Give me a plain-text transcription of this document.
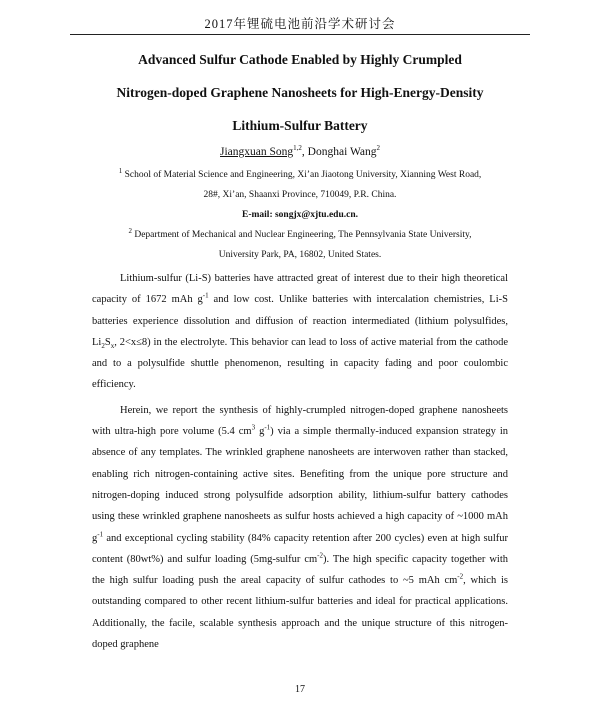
2017年锂硫电池前沿学术研讨会
Advanced Sulfur Cathode Enabled by Highly Crumpled
Nitrogen-doped Graphene Nanosheets for High-Energy-Density
Lithium-Sulfur Battery
Jiangxuan Song$^{1,2}$, Donghai Wang$^2$
$^1$ School of Material Science and Engineering, Xi’an Jiaotong University, Xianning West Road,
28#, Xi’an, Shaanxi Province, 710049, P.R. China.
E-mail: songjx@xjtu.edu.cn.
$^2$ Department of Mechanical and Nuclear Engineering, The Pennsylvania State University,
University Park, PA, 16802, United States.

Lithium-sulfur (Li-S) batteries have attracted great of interest due to their high theoretical capacity of 1672 mAh $g^{-1}$ and low cost. Unlike batteries with intercalation chemistries, Li-S batteries experience dissolution and diffusion of reaction intermediated (lithium polysulfides, $Li_2S_x$, 2<x≤8) in the electrolyte. This behavior can lead to loss of active material from the cathode and to a polysulfide shuttle phenomenon, resulting in capacity fading and poor coulombic efficiency.

Herein, we report the synthesis of highly-crumpled nitrogen-doped graphene nanosheets with ultra-high pore volume (5.4 $cm^3$ $g^{-1}$) via a simple thermally-induced expansion strategy in absence of any templates. The wrinkled graphene nanosheets are interwoven rather than stacked, enabling rich nitrogen-containing active sites. Benefiting from the unique pore structure and nitrogen-doping induced strong polysulfide adsorption ability, lithium-sulfur battery cathodes using these wrinkled graphene nanosheets as sulfur hosts achieved a high capacity of ~1000 mAh $g^{-1}$ and exceptional cycling stability (84% capacity retention after 200 cycles) even at high sulfur content (80wt%) and sulfur loading (5mg-sulfur $cm^{-2}$). The high specific capacity together with the high sulfur loading push the areal capacity of sulfur cathodes to ~5 mAh $cm^{-2}$, which is outstanding compared to other recent lithium-sulfur batteries and ideal for practical applications. Additionally, the facile, scalable synthesis approach and the unique structure of this nitrogen-doped graphene

17
